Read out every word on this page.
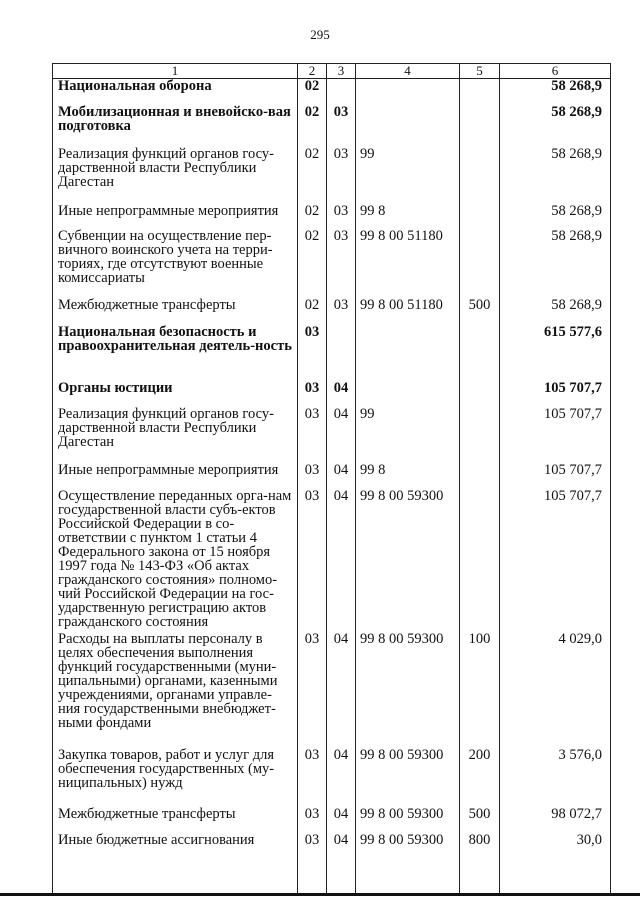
295
1	2	3	4	5	6
Национальная оборона	02				58 268,9
Мобилизационная и вневойско-вая подготовка	02	03			58 268,9
Реализация функций органов госу-дарственной власти Республики Дагестан	02	03	99		58 268,9
Иные непрограммные мероприятия	02	03	99 8		58 268,9
Субвенции на осуществление пер-вичного воинского учета на терри-ториях, где отсутствуют военные комиссариаты	02	03	99 8 00 51180		58 268,9
Межбюджетные трансферты	02	03	99 8 00 51180	500	58 268,9
Национальная безопасность и правоохранительная деятель-ность	03				615 577,6
Органы юстиции	03	04			105 707,7
Реализация функций органов госу-дарственной власти Республики Дагестан	03	04	99		105 707,7
Иные непрограммные мероприятия	03	04	99 8		105 707,7
Осуществление переданных орга-нам государственной власти субъ-ектов Российской Федерации в со-ответствии с пунктом 1 статьи 4 Федерального закона от 15 ноября 1997 года № 143-ФЗ «Об актах гражданского состояния» полномо-чий Российской Федерации на гос-ударственную регистрацию актов гражданского состояния	03	04	99 8 00 59300		105 707,7
Расходы на выплаты персоналу в целях обеспечения выполнения функций государственными (муни-ципальными) органами, казенными учреждениями, органами управле-ния государственными внебюджет-ными фондами	03	04	99 8 00 59300	100	4 029,0
Закупка товаров, работ и услуг для обеспечения государственных (му-ниципальных) нужд	03	04	99 8 00 59300	200	3 576,0
Межбюджетные трансферты	03	04	99 8 00 59300	500	98 072,7
Иные бюджетные ассигнования	03	04	99 8 00 59300	800	30,0
